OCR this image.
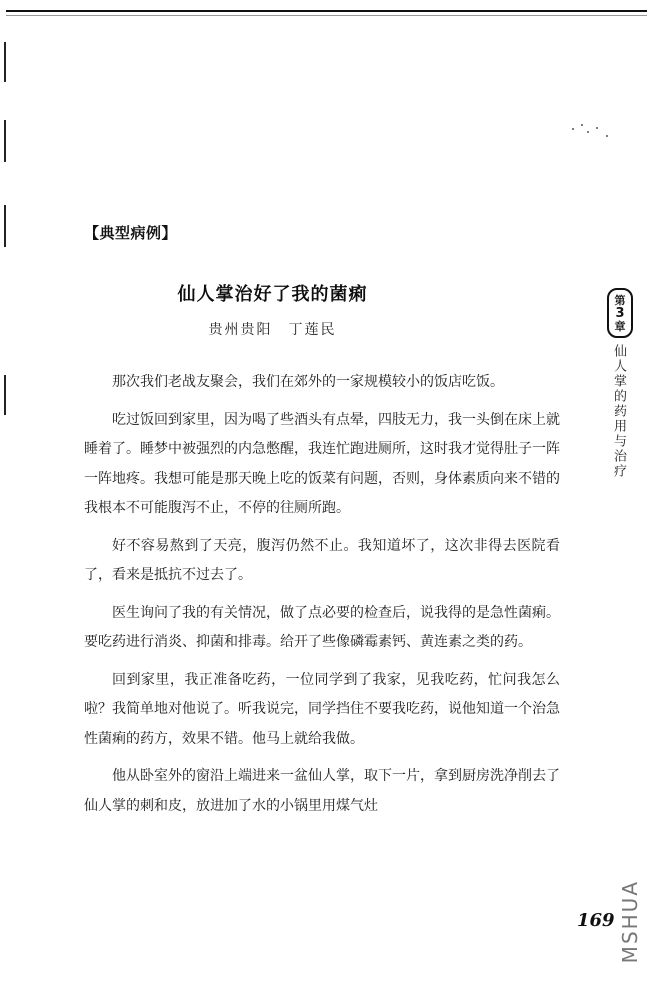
【典型病例】
仙人掌治好了我的菌痢
贵州贵阳　丁莲民

那次我们老战友聚会，我们在郊外的一家规模较小的饭店吃饭。

吃过饭回到家里，因为喝了些酒头有点晕，四肢无力，我一头倒在床上就睡着了。睡梦中被强烈的内急憋醒，我连忙跑进厕所，这时我才觉得肚子一阵一阵地疼。我想可能是那天晚上吃的饭菜有问题，否则，身体素质向来不错的我根本不可能腹泻不止，不停的往厕所跑。

好不容易熬到了天亮，腹泻仍然不止。我知道坏了，这次非得去医院看了，看来是抵抗不过去了。

医生询问了我的有关情况，做了点必要的检查后，说我得的是急性菌痢。要吃药进行消炎、抑菌和排毒。给开了些像磷霉素钙、黄连素之类的药。

回到家里，我正准备吃药，一位同学到了我家，见我吃药，忙问我怎么啦？我简单地对他说了。听我说完，同学挡住不要我吃药，说他知道一个治急性菌痢的药方，效果不错。他马上就给我做。

他从卧室外的窗沿上端进来一盆仙人掌，取下一片，拿到厨房洗净削去了仙人掌的刺和皮，放进加了水的小锅里用煤气灶

第
3
章
仙人掌的药用与治疗
169 MSHUA
